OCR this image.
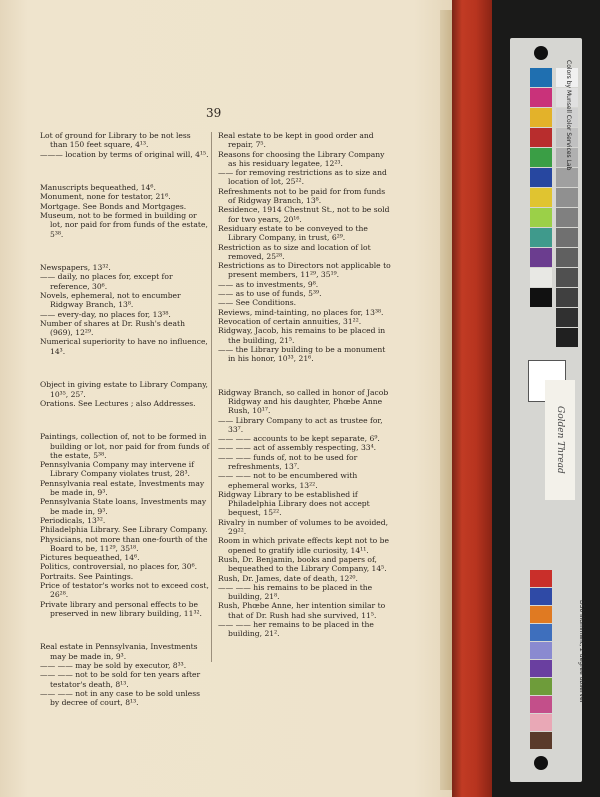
39

Lot of ground for Library to be not less than 150 feet square, 4¹³.

——— location by terms of original will, 4¹⁵.

Manuscripts bequeathed, 14⁶.

Monument, none for testator, 21⁶.

Mortgage. See Bonds and Mortgages.

Museum, not to be formed in building or lot, nor paid for from funds of the estate, 5³⁸.

Newspapers, 13³².

—— daily, no places for, except for reference, 30⁶.

Novels, ephemeral, not to encumber Ridgway Branch, 13⁸.

—— every-day, no places for, 13³⁸.

Number of shares at Dr. Rush's death (969), 12²⁹.

Numerical superiority to have no influence, 14³.

Object in giving estate to Library Company, 10³⁵, 25⁷.

Orations. See Lectures ; also Addresses.

Paintings, collection of, not to be formed in building or lot, nor paid for from funds of the estate, 5³⁸.

Pennsylvania Company may intervene if Library Company violates trust, 28³.

Pennsylvania real estate, Investments may be made in, 9³.

Pennsylvania State loans, Investments may be made in, 9³.

Periodicals, 13³².

Philadelphia Library. See Library Company.

Physicians, not more than one-fourth of the Board to be, 11²⁹, 35¹⁸.

Pictures bequeathed, 14⁶.

Politics, controversial, no places for, 30⁶.

Portraits. See Paintings.

Price of testator's works not to exceed cost, 26²⁸.

Private library and personal effects to be preserved in new library building, 11³².

Real estate in Pennsylvania, Investments may be made in, 9³.

—— —— may be sold by executor, 8³³.

—— —— not to be sold for ten years after testator's death, 8¹³.

—— —— not in any case to be sold unless by decree of court, 8¹³.

Real estate to be kept in good order and repair, 7⁵.

Reasons for choosing the Library Company as his residuary legatee, 12²³.

—— for removing restrictions as to size and location of lot, 25²².

Refreshments not to be paid for from funds of Ridgway Branch, 13⁸.

Residence, 1914 Chestnut St., not to be sold for two years, 20¹⁶.

Residuary estate to be conveyed to the Library Company, in trust, 6²⁹.

Restriction as to size and location of lot removed, 25²⁸.

Restrictions as to Directors not applicable to present members, 11²⁹, 35¹⁹.

—— as to investments, 9⁸.

—— as to use of funds, 5³⁹.

—— See Conditions.

Reviews, mind-tainting, no places for, 13³⁸.

Revocation of certain annuities, 31²².

Ridgway, Jacob, his remains to be placed in the building, 21⁵.

—— the Library building to be a monument in his honor, 10³³, 21⁶.

Ridgway Branch, so called in honor of Jacob Ridgway and his daughter, Phœbe Anne Rush, 10¹⁷.

—— Library Company to act as trustee for, 33⁷.

—— —— accounts to be kept separate, 6⁹.

—— —— act of assembly respecting, 33⁴.

—— —— funds of, not to be used for refreshments, 13⁷.

—— —— not to be encumbered with ephemeral works, 13²².

Ridgway Library to be established if Philadelphia Library does not accept bequest, 15²².

Rivalry in number of volumes to be avoided, 29²².

Room in which private effects kept not to be opened to gratify idle curiosity, 14¹¹.

Rush, Dr. Benjamin, books and papers of, bequeathed to the Library Company, 14⁵.

Rush, Dr. James, date of death, 12²⁰.

—— —— his remains to be placed in the building, 21⁸.

Rush, Phœbe Anne, her intention similar to that of Dr. Rush had she survived, 11⁵.

—— —— her remains to be placed in the building, 21².

Golden Thread
Colors by Munsell Color Services Lab
D50 Illuminant, 2 degree observer
